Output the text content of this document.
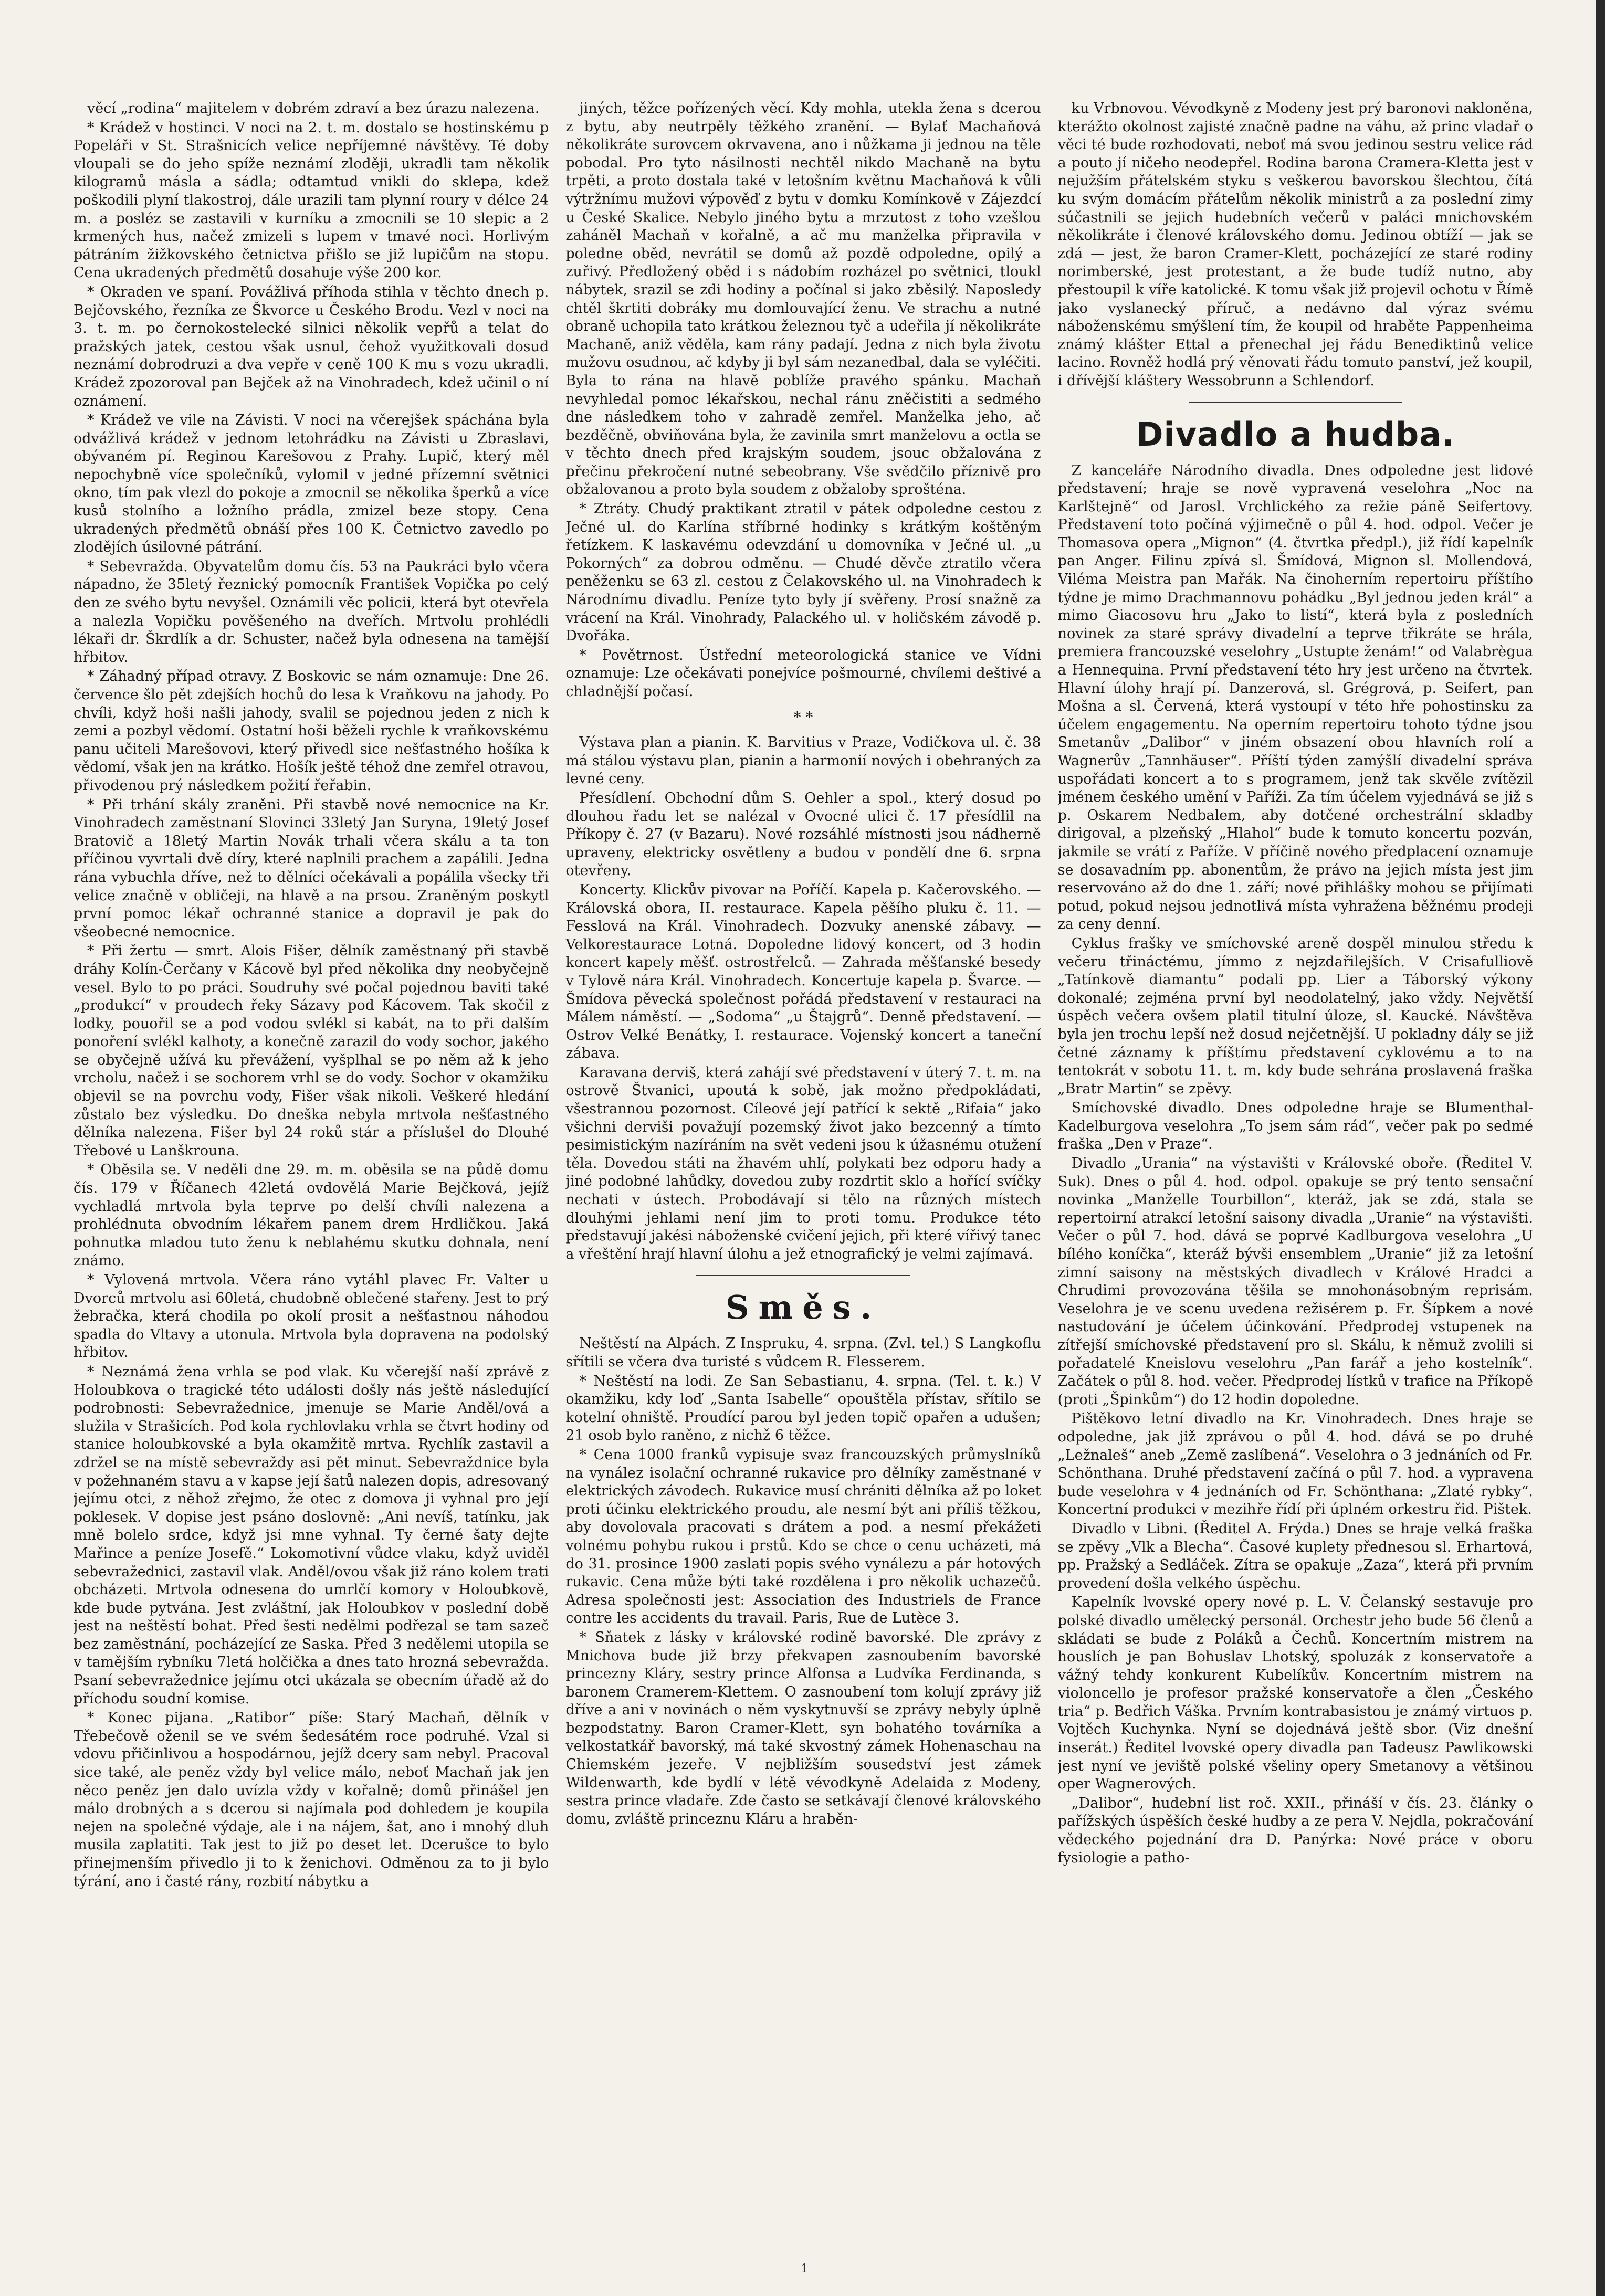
věcí „rodina“ majitelem v dobrém zdraví a bez úrazu nalezena.

* Krádež v hostinci. V noci na 2. t. m. dostalo se hostinskému p Popeláři v St. Strašnicích velice nepříjemné návštěvy. Té doby vloupali se do jeho spíže neznámí zloději, ukradli tam několik kilogramů másla a sádla; odtamtud vnikli do sklepa, kdež poškodili plyní tlakostroj, dále urazili tam plynní roury v délce 24 m. a posléz se zastavili v kurníku a zmocnili se 10 slepic a 2 krmených hus, načež zmizeli s lupem v tmavé noci. Horlivým pátráním žižkovského četnictva přišlo se již lupičům na stopu. Cena ukradených předmětů dosahuje výše 200 kor.

* Okraden ve spaní. Povážlivá příhoda stihla v těchto dnech p. Bejčovského, řezníka ze Škvorce u Českého Brodu. Vezl v noci na 3. t. m. po černokostelecké silnici několik vepřů a telat do pražských jatek, cestou však usnul, čehož využitkovali dosud neznámí dobrodruzi a dva vepře v ceně 100 K mu s vozu ukradli. Krádež zpozoroval pan Bejček až na Vinohradech, kdež učinil o ní oznámení.

* Krádež ve vile na Závisti. V noci na včerejšek spáchána byla odvážlivá krádež v jednom letohrádku na Závisti u Zbraslavi, obývaném pí. Reginou Karešovou z Prahy. Lupič, který měl nepochybně více společníků, vylomil v jedné přízemní světnici okno, tím pak vlezl do pokoje a zmocnil se několika šperků a více kusů stolního a ložního prádla, zmizel beze stopy. Cena ukradených předmětů obnáší přes 100 K. Četnictvo zavedlo po zlodějích úsilovné pátrání.

* Sebevražda. Obyvatelům domu čís. 53 na Paukráci bylo včera nápadno, že 35letý řeznický pomocník František Vopička po celý den ze svého bytu nevyšel. Oznámili věc policii, která byt otevřela a nalezla Vopičku pověšeného na dveřích. Mrtvolu prohlédli lékaři dr. Škrdlík a dr. Schuster, načež byla odnesena na tamější hřbitov.

* Záhadný případ otravy. Z Boskovic se nám oznamuje: Dne 26. července šlo pět zdejších hochů do lesa k Vraňkovu na jahody. Po chvíli, když hoši našli jahody, svalil se pojednou jeden z nich k zemi a pozbyl vědomí. Ostatní hoši běželi rychle k vraňkovskému panu učiteli Marešovovi, který přivedl sice nešťastného hošíka k vědomí, však jen na krátko. Hošík ještě téhož dne zemřel otravou, přivodenou prý následkem požití řeřabin.

* Při trhání skály zraněni. Při stavbě nové nemocnice na Kr. Vinohradech zaměstnaní Slovinci 33letý Jan Suryna, 19letý Josef Bratovič a 18letý Martin Novák trhali včera skálu a ta ton příčinou vyvrtali dvě díry, které naplnili prachem a zapálili. Jedna rána vybuchla dříve, než to dělníci očekávali a popálila všecky tři velice značně v obličeji, na hlavě a na prsou. Zraněným poskytl první pomoc lékař ochranné stanice a dopravil je pak do všeobecné nemocnice.

* Při žertu — smrt. Alois Fišer, dělník zaměstnaný při stavbě dráhy Kolín-Čerčany v Kácově byl před několika dny neobyčejně vesel. Bylo to po práci. Soudruhy své počal pojednou baviti také „produkcí“ v proudech řeky Sázavy pod Kácovem. Tak skočil z lodky, pouořil se a pod vodou svlékl si kabát, na to při dalším ponoření svlékl kalhoty, a konečně zarazil do vody sochor, jakého se obyčejně užívá ku převážení, vyšplhal se po něm až k jeho vrcholu, načež i se sochorem vrhl se do vody. Sochor v okamžiku objevil se na povrchu vody, Fišer však nikoli. Veškeré hledání zůstalo bez výsledku. Do dneška nebyla mrtvola nešťastného dělníka nalezena. Fišer byl 24 roků stár a příslušel do Dlouhé Třebové u Lanškrouna.

* Oběsila se. V neděli dne 29. m. m. oběsila se na půdě domu čís. 179 v Říčanech 42letá ovdovělá Marie Bejčková, jejíž vychladlá mrtvola byla teprve po delší chvíli nalezena a prohlédnuta obvodním lékařem panem drem Hrdličkou. Jaká pohnutka mladou tuto ženu k neblahému skutku dohnala, není známo.

* Vylovená mrtvola. Včera ráno vytáhl plavec Fr. Valter u Dvorců mrtvolu asi 60letá, chudobně oblečené stařeny. Jest to prý žebračka, která chodila po okolí prosit a nešťastnou náhodou spadla do Vltavy a utonula. Mrtvola byla dopravena na podolský hřbitov.

* Neznámá žena vrhla se pod vlak. Ku včerejší naší zprávě z Holoubkova o tragické této události došly nás ještě následující podrobnosti: Sebevražednice, jmenuje se Marie Anděl/ová a služila v Strašicích. Pod kola rychlovlaku vrhla se čtvrt hodiny od stanice holoubkovské a byla okamžitě mrtva. Rychlík zastavil a zdržel se na místě sebevraždy asi pět minut. Sebevraždnice byla v požehnaném stavu a v kapse její šatů nalezen dopis, adresovaný jejímu otci, z něhož zřejmo, že otec z domova ji vyhnal pro její poklesek. V dopise jest psáno doslovně: „Ani nevíš, tatínku, jak mně bolelo srdce, když jsi mne vyhnal. Ty černé šaty dejte Mařince a peníze Josefě.“ Lokomotivní vůdce vlaku, když uviděl sebevražednici, zastavil vlak. Anděl/ovou však již ráno kolem trati obcházeti. Mrtvola odnesena do umrlčí komory v Holoubkově, kde bude pytvána. Jest zvláštní, jak Holoubkov v poslední době jest na neštěstí bohat. Před šesti nedělmi podřezal se tam sazeč bez zaměstnání, pocházející ze Saska. Před 3 nedělemi utopila se v tamějším rybníku 7letá holčička a dnes tato hrozná sebevražda. Psaní sebevražednice jejímu otci ukázala se obecním úřadě až do příchodu soudní komise.

* Konec pijana. „Ratibor“ píše: Starý Machaň, dělník v Třebečově oženil se ve svém šedesátém roce podruhé. Vzal si vdovu přičinlivou a hospodárnou, jejíž dcery sam nebyl. Pracoval sice také, ale peněz vždy byl velice málo, neboť Machaň jak jen něco peněz jen dalo uvízla vždy v kořalně; domů přinášel jen málo drobných a s dcerou si najímala pod dohledem je koupila nejen na společné výdaje, ale i na nájem, šat, ano i mnohý dluh musila zaplatiti. Tak jest to již po deset let. Dcerušce to bylo přinejmenším přivedlo ji to k ženichovi. Odměnou za to ji bylo týrání, ano i časté rány, rozbití nábytku a

jiných, těžce pořízených věcí. Kdy mohla, utekla žena s dcerou z bytu, aby neutrpěly těžkého zranění. — Bylať Machaňová několikráte surovcem okrvavena, ano i nůžkama ji jednou na těle pobodal. Pro tyto násilnosti nechtěl nikdo Machaně na bytu trpěti, a proto dostala také v letošním květnu Machaňová k vůli výtržnímu mužovi výpověď z bytu v domku Komínkově v Zájezdcí u České Skalice. Nebylo jiného bytu a mrzutost z toho vzešlou zaháněl Machaň v kořalně, a ač mu manželka připravila v poledne oběd, nevrátil se domů až pozdě odpoledne, opilý a zuřivý. Předložený oběd i s nádobím rozházel po světnici, tloukl nábytek, srazil se zdi hodiny a počínal si jako zběsilý. Naposledy chtěl škrtiti dobráky mu domlouvající ženu. Ve strachu a nutné obraně uchopila tato krátkou železnou tyč a udeřila jí několikráte Machaně, aniž věděla, kam rány padají. Jedna z nich byla životu mužovu osudnou, ač kdyby ji byl sám nezanedbal, dala se vyléčiti. Byla to rána na hlavě poblíže pravého spánku. Machaň nevyhledal pomoc lékařskou, nechal ránu zněčistiti a sedmého dne následkem toho v zahradě zemřel. Manželka jeho, ač bezděčně, obviňována byla, že zavinila smrt manželovu a octla se v těchto dnech před krajským soudem, jsouc obžalována z přečinu překročení nutné sebeobrany. Vše svědčilo příznivě pro obžalovanou a proto byla soudem z obžaloby sprošténa.

* Ztráty. Chudý praktikant ztratil v pátek odpoledne cestou z Ječné ul. do Karlína stříbrné hodinky s krátkým koštěným řetízkem. K laskavému odevzdání u domovníka v Ječné ul. „u Pokorných“ za dobrou odměnu. — Chudé děvče ztratilo včera peněženku se 63 zl. cestou z Čelakovského ul. na Vinohradech k Národnímu divadlu. Peníze tyto byly jí svěřeny. Prosí snažně za vrácení na Král. Vinohrady, Palackého ul. v holičském závodě p. Dvořáka.

* Povětrnost. Ústřední meteorologická stanice ve Vídni oznamuje: Lze očekávati ponejvíce pošmourné, chvílemi deštivé a chladnější počasí.

* *

Výstava plan a pianin. K. Barvitius v Praze, Vodičkova ul. č. 38 má stálou výstavu plan, pianin a harmonií nových i obehraných za levné ceny.

Přesídlení. Obchodní dům S. Oehler a spol., který dosud po dlouhou řadu let se nalézal v Ovocné ulici č. 17 přesídlil na Příkopy č. 27 (v Bazaru). Nové rozsáhlé místnosti jsou nádherně upraveny, elektricky osvětleny a budou v pondělí dne 6. srpna otevřeny.

Koncerty. Klickův pivovar na Poříčí. Kapela p. Kačerovského. — Královská obora, II. restaurace. Kapela pěšího pluku č. 11. — Fesslová na Král. Vinohradech. Dozvuky anenské zábavy. — Velkorestaurace Lotná. Dopoledne lidový koncert, od 3 hodin koncert kapely měšť. ostrostřelců. — Zahrada měšťanské besedy v Tylově nára Král. Vinohradech. Koncertuje kapela p. Švarce. — Šmídova pěvecká společnost pořádá představení v restauraci na Málem náměstí. — „Sodoma“ „u Štajgrů“. Denně představení. — Ostrov Velké Benátky, I. restaurace. Vojenský koncert a taneční zábava.

Karavana derviš, která zahájí své představení v úterý 7. t. m. na ostrově Štvanici, upoutá k sobě, jak možno předpokládati, všestrannou pozornost. Cíleové její patřící k sektě „Rifaia“ jako všichni derviši považují pozemský život jako bezcenný a tímto pesimistickým nazíráním na svět vedeni jsou k úžasnému otužení těla. Dovedou státi na žhavém uhlí, polykati bez odporu hady a jiné podobné lahůdky, dovedou zuby rozdrtit sklo a hořící svíčky nechati v ústech. Probodávají si tělo na různých místech dlouhými jehlami není jim to proti tomu. Produkce této představují jakési náboženské cvičení jejich, při které vířivý tanec a vřeštění hrají hlavní úlohu a jež etnografický je velmi zajímavá.

Směs.

Neštěstí na Alpách. Z Inspruku, 4. srpna. (Zvl. tel.) S Langkoflu sřítili se včera dva turisté s vůdcem R. Flesserem.

* Neštěstí na lodi. Ze San Sebastianu, 4. srpna. (Tel. t. k.) V okamžiku, kdy loď „Santa Isabelle“ opouštěla přístav, sřítilo se kotelní ohniště. Proudící parou byl jeden topič opařen a udušen; 21 osob bylo raněno, z nichž 6 těžce.

* Cena 1000 franků vypisuje svaz francouzských průmyslníků na vynález isolační ochranné rukavice pro dělníky zaměstnané v elektrických závodech. Rukavice musí chrániti dělníka až po loket proti účinku elektrického proudu, ale nesmí být ani příliš těžkou, aby dovolovala pracovati s drátem a pod. a nesmí překážeti volnému pohybu rukou i prstů. Kdo se chce o cenu ucházeti, má do 31. prosince 1900 zaslati popis svého vynálezu a pár hotových rukavic. Cena může býti také rozdělena i pro několik uchazečů. Adresa společnosti jest: Association des Industriels de France contre les accidents du travail. Paris, Rue de Lutèce 3.

* Sňatek z lásky v královské rodině bavorské. Dle zprávy z Mnichova bude již brzy překvapen zasnoubením bavorské princezny Kláry, sestry prince Alfonsa a Ludvíka Ferdinanda, s baronem Cramerem-Klettem. O zasnoubení tom kolují zprávy již dříve a ani v novinách o něm vyskytnuvší se zprávy nebyly úplně bezpodstatny. Baron Cramer-Klett, syn bohatého továrníka a velkostatkář bavorský, má také skvostný zámek Hohenaschau na Chiemském jezeře. V nejbližším sousedství jest zámek Wildenwarth, kde bydlí v létě vévodkyně Adelaida z Modeny, sestra prince vladaře. Zde často se setkávají členové královského domu, zvláště princeznu Kláru a hraběn-

ku Vrbnovou. Vévodkyně z Modeny jest prý baronovi nakloněna, kterážto okolnost zajisté značně padne na váhu, až princ vladař o věci té bude rozhodovati, neboť má svou jedinou sestru velice rád a pouto jí ničeho neodepřel. Rodina barona Cramera-Kletta jest v nejužším přátelském styku s veškerou bavorskou šlechtou, čítá ku svým domácím přátelům několik ministrů a za poslední zimy súčastnili se jejich hudebních večerů v paláci mnichovském několikráte i členové královského domu. Jedinou obtíží — jak se zdá — jest, že baron Cramer-Klett, pocházející ze staré rodiny norimberské, jest protestant, a že bude tudíž nutno, aby přestoupil k víře katolické. K tomu však již projevil ochotu v Římě jako vyslanecký příruč, a nedávno dal výraz svému náboženskému smýšlení tím, že koupil od hraběte Pappenheima známý klášter Ettal a přenechal jej řádu Benediktinů velice lacino. Rovněž hodlá prý věnovati řádu tomuto panství, jež koupil, i dřívější kláštery Wessobrunn a Schlendorf.

Divadlo a hudba.

Z kanceláře Národního divadla. Dnes odpoledne jest lidové představení; hraje se nově vypravená veselohra „Noc na Karlštejně“ od Jarosl. Vrchlického za režie páně Seifertovy. Představení toto počíná výjimečně o půl 4. hod. odpol. Večer je Thomasova opera „Mignon“ (4. čtvrtka předpl.), již řídí kapelník pan Anger. Filinu zpívá sl. Šmídová, Mignon sl. Mollendová, Viléma Meistra pan Mařák. Na činoherním repertoiru příštího týdne je mimo Drachmannovu pohádku „Byl jednou jeden král“ a mimo Giacosovu hru „Jako to listí“, která byla z posledních novinek za staré správy divadelní a teprve třikráte se hrála, premiera francouzské veselohry „Ustupte ženám!“ od Valabrègua a Hennequina. První představení této hry jest určeno na čtvrtek. Hlavní úlohy hrají pí. Danzerová, sl. Grégrová, p. Seifert, pan Mošna a sl. Červená, která vystoupí v této hře pohostinsku za účelem engagementu. Na operním repertoiru tohoto týdne jsou Smetanův „Dalibor“ v jiném obsazení obou hlavních rolí a Wagnerův „Tannhäuser“. Příští týden zamýšlí divadelní správa uspořádati koncert a to s programem, jenž tak skvěle zvítězil jménem českého umění v Paříži. Za tím účelem vyjednává se již s p. Oskarem Nedbalem, aby dotčené orchestrální skladby dirigoval, a plzeňský „Hlahol“ bude k tomuto koncertu pozván, jakmile se vrátí z Paříže. V příčině nového předplacení oznamuje se dosavadním pp. abonentům, že právo na jejich místa jest jim reservováno až do dne 1. září; nové přihlášky mohou se přijímati potud, pokud nejsou jednotlivá místa vyhražena běžnému prodeji za ceny denní.

Cyklus frašky ve smíchovské areně dospěl minulou středu k večeru třináctému, jímmo z nejzdařilejších. V Crisafulliově „Tatínkově diamantu“ podali pp. Lier a Táborský výkony dokonalé; zejména první byl neodolatelný, jako vždy. Největší úspěch večera ovšem platil titulní úloze, sl. Kaucké. Návštěva byla jen trochu lepší než dosud nejčetnější. U pokladny dály se již četné záznamy k příštímu představení cyklovému a to na tentokrát v sobotu 11. t. m. kdy bude sehrána proslavená fraška „Bratr Martin“ se zpěvy.

Smíchovské divadlo. Dnes odpoledne hraje se Blumenthal-Kadelburgova veselohra „To jsem sám rád“, večer pak po sedmé fraška „Den v Praze“.

Divadlo „Urania“ na výstavišti v Královské oboře. (Ředitel V. Suk). Dnes o půl 4. hod. odpol. opakuje se prý tento sensační novinka „Manželle Tourbillon“, kteráž, jak se zdá, stala se repertoirní atrakcí letošní saisony divadla „Uranie“ na výstavišti. Večer o půl 7. hod. dává se poprvé Kadlburgova veselohra „U bílého koníčka“, kteráž bývši ensemblem „Uranie“ již za letošní zimní saisony na městských divadlech v Králové Hradci a Chrudimi provozována těšila se mnohonásobným reprisám. Veselohra je ve scenu uvedena režisérem p. Fr. Šípkem a nové nastudování je účelem účinkování. Předprodej vstupenek na zítřejší smíchovské představení pro sl. Skálu, k němuž zvolili si pořadatelé Kneislovu veselohru „Pan farář a jeho kostelník“. Začátek o půl 8. hod. večer. Předprodej lístků v trafice na Příkopě (proti „Špinkům“) do 12 hodin dopoledne.

Pištěkovo letní divadlo na Kr. Vinohradech. Dnes hraje se odpoledne, jak již zprávou o půl 4. hod. dává se po druhé „Ležnaleš“ aneb „Země zaslíbená“. Veselohra o 3 jednáních od Fr. Schönthana. Druhé představení začíná o půl 7. hod. a vypravena bude veselohra v 4 jednáních od Fr. Schönthana: „Zlaté rybky“. Koncertní produkci v mezihře řídí při úplném orkestru řid. Pištek.

Divadlo v Libni. (Ředitel A. Frýda.) Dnes se hraje velká fraška se zpěvy „Vlk a Blecha“. Časové kuplety přednesou sl. Erhartová, pp. Pražský a Sedláček. Zítra se opakuje „Zaza“, která při prvním provedení došla velkého úspěchu.

Kapelník lvovské opery nové p. L. V. Čelanský sestavuje pro polské divadlo umělecký personál. Orchestr jeho bude 56 členů a skládati se bude z Poláků a Čechů. Koncertním mistrem na houslích je pan Bohuslav Lhotský, spoluzák z konservatoře a vážný tehdy konkurent Kubelíkův. Koncertním mistrem na violoncello je profesor pražské konservatoře a člen „Českého tria“ p. Bedřich Váška. Prvním kontrabasistou je známý virtuos p. Vojtěch Kuchynka. Nyní se dojednává ještě sbor. (Viz dnešní inserát.) Ředitel lvovské opery divadla pan Tadeusz Pawlikowski jest nyní ve jeviště polské všeliny opery Smetanovy a většinou oper Wagnerových.

„Dalibor“, hudební list roč. XXII., přináší v čís. 23. články o pařížských úspěších české hudby a ze pera V. Nejdla, pokračování vědeckého pojednání dra D. Panýrka: Nové práce v oboru fysiologie a patho-

1
